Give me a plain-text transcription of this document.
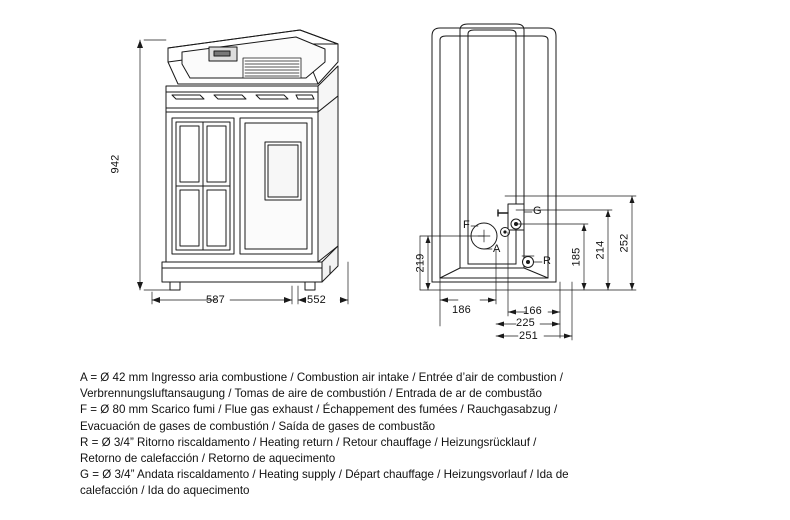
942
587	552
219	185 214 252
186	166
225
251
A
F
G
R
A = Ø 42 mm Ingresso aria combustione / Combustion air intake / Entrée d’air de combustion /
Verbrennungsluftansaugung / Tomas de aire de combustión / Entrada de ar de combustão
F = Ø 80 mm Scarico fumi / Flue gas exhaust / Échappement des fumées / Rauchgasabzug /
Evacuación de gases de combustión / Saída de gases de combustão
R = Ø 3/4” Ritorno riscaldamento / Heating return / Retour chauffage / Heizungsrücklauf /
Retorno de calefacción / Retorno de aquecimento
G = Ø 3/4” Andata riscaldamento / Heating supply / Départ chauffage / Heizungsvorlauf / Ida de
calefacción / Ida do aquecimento
